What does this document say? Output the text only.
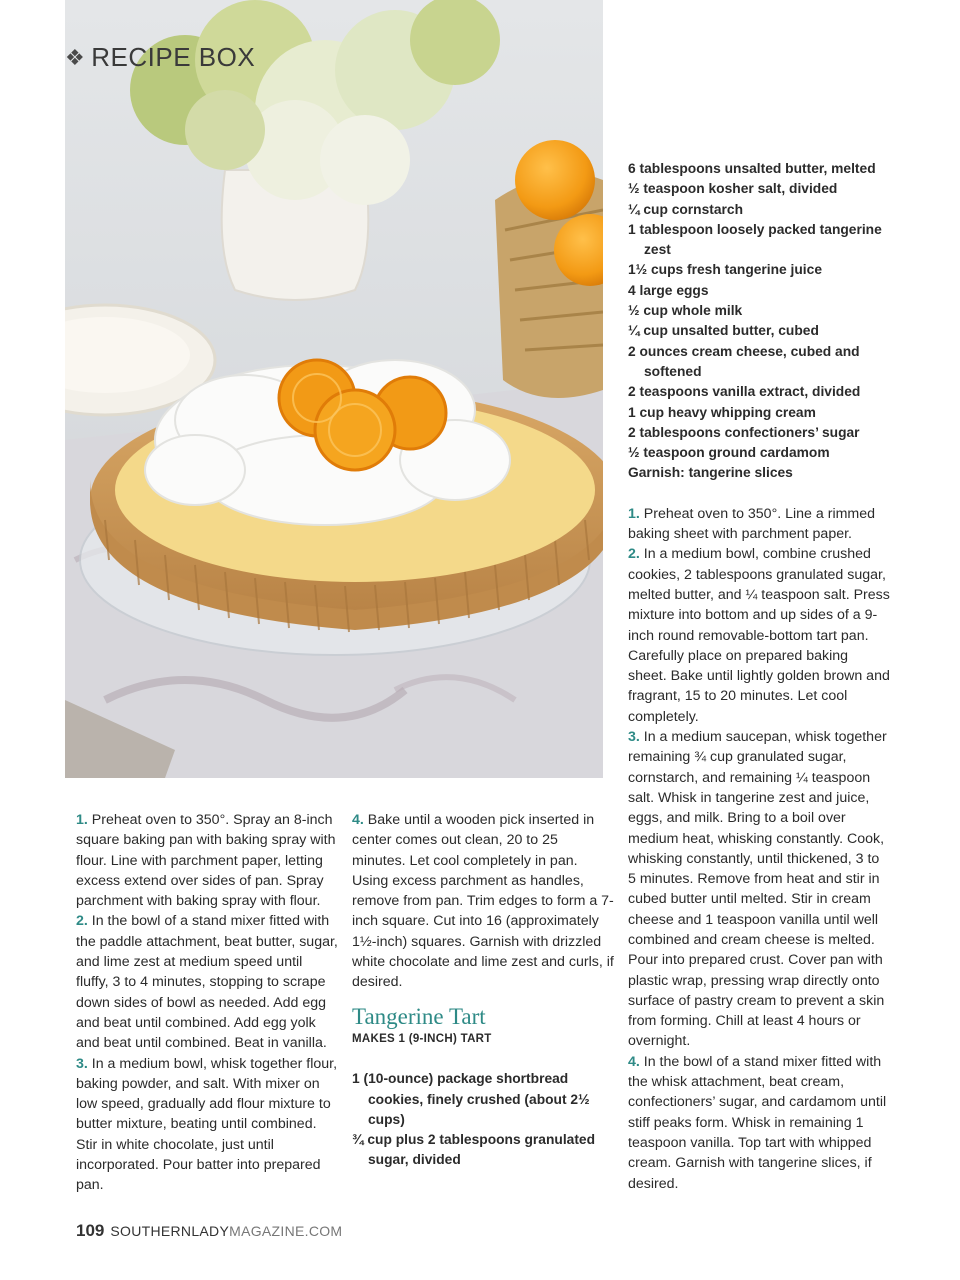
❖ RECIPE BOX

1. Preheat oven to 350°. Spray an 8-inch square baking pan with baking spray with flour. Line with parchment paper, letting excess extend over sides of pan. Spray parchment with baking spray with flour.

2. In the bowl of a stand mixer fitted with the paddle attachment, beat butter, sugar, and lime zest at medium speed until fluffy, 3 to 4 minutes, stopping to scrape down sides of bowl as needed. Add egg and beat until combined. Add egg yolk and beat until combined. Beat in vanilla.

3. In a medium bowl, whisk together flour, baking powder, and salt. With mixer on low speed, gradually add flour mixture to butter mixture, beating until combined. Stir in white chocolate, just until incorporated. Pour batter into prepared pan.

4. Bake until a wooden pick inserted in center comes out clean, 20 to 25 minutes. Let cool completely in pan. Using excess parchment as handles, remove from pan. Trim edges to form a 7-inch square. Cut into 16 (approximately 1½-inch) squares. Garnish with drizzled white chocolate and lime zest and curls, if desired.

Tangerine Tart

MAKES 1 (9-INCH) TART

1 (10-ounce) package shortbread cookies, finely crushed (about 2½ cups)
¾ cup plus 2 tablespoons granulated sugar, divided
6 tablespoons unsalted butter, melted
½ teaspoon kosher salt, divided
¼ cup cornstarch
1 tablespoon loosely packed tangerine zest
1½ cups fresh tangerine juice
4 large eggs
½ cup whole milk
¼ cup unsalted butter, cubed
2 ounces cream cheese, cubed and softened
2 teaspoons vanilla extract, divided
1 cup heavy whipping cream
2 tablespoons confectioners’ sugar
½ teaspoon ground cardamom
Garnish: tangerine slices

1. Preheat oven to 350°. Line a rimmed baking sheet with parchment paper.

2. In a medium bowl, combine crushed cookies, 2 tablespoons granulated sugar, melted butter, and ¼ teaspoon salt. Press mixture into bottom and up sides of a 9-inch round removable-bottom tart pan. Carefully place on prepared baking sheet. Bake until lightly golden brown and fragrant, 15 to 20 minutes. Let cool completely.

3. In a medium saucepan, whisk together remaining ¾ cup granulated sugar, cornstarch, and remaining ¼ teaspoon salt. Whisk in tangerine zest and juice, eggs, and milk. Bring to a boil over medium heat, whisking constantly. Cook, whisking constantly, until thickened, 3 to 5 minutes. Remove from heat and stir in cubed butter until melted. Stir in cream cheese and 1 teaspoon vanilla until well combined and cream cheese is melted. Pour into prepared crust. Cover pan with plastic wrap, pressing wrap directly onto surface of pastry cream to prevent a skin from forming. Chill at least 4 hours or overnight.

4. In the bowl of a stand mixer fitted with the whisk attachment, beat cream, confectioners’ sugar, and cardamom until stiff peaks form. Whisk in remaining 1 teaspoon vanilla. Top tart with whipped cream. Garnish with tangerine slices, if desired.

109 SOUTHERNLADYMAGAZINE.COM
